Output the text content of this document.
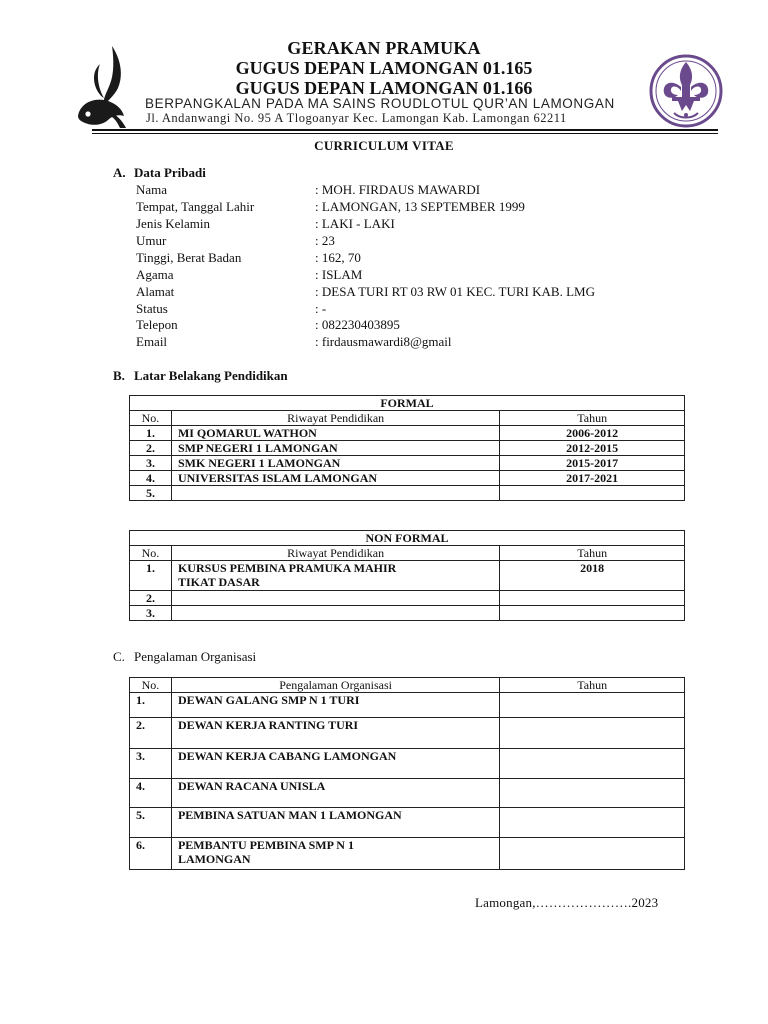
GERAKAN PRAMUKA
GUGUS DEPAN LAMONGAN 01.165
GUGUS DEPAN LAMONGAN 01.166
BERPANGKALAN PADA MA SAINS ROUDLOTUL QUR’AN LAMONGAN
Jl. Andanwangi No. 95 A Tlogoanyar Kec. Lamongan Kab. Lamongan 62211
CURRICULUM VITAE
A. Data Pribadi
Nama	: MOH. FIRDAUS MAWARDI
Tempat, Tanggal Lahir	: LAMONGAN, 13 SEPTEMBER 1999
Jenis Kelamin	: LAKI - LAKI
Umur	: 23
Tinggi, Berat Badan	: 162, 70
Agama	: ISLAM
Alamat	: DESA TURI RT 03 RW 01 KEC. TURI KAB. LMG
Status	: -
Telepon	: 082230403895
Email	: firdausmawardi8@gmail
B. Latar Belakang Pendidikan
FORMAL		
No.	Riwayat Pendidikan	Tahun
1.	MI QOMARUL WATHON	2006-2012
2.	SMP NEGERI 1 LAMONGAN	2012-2015
3.	SMK NEGERI 1 LAMONGAN	2015-2017
4.	UNIVERSITAS ISLAM LAMONGAN	2017-2021
5.		
NON FORMAL		
No.	Riwayat Pendidikan	Tahun
1.	KURSUS PEMBINA PRAMUKA MAHIR
TIKAT DASAR	2018
2.		
3.		
C. Pengalaman Organisasi
No.	Pengalaman Organisasi	Tahun
1.	DEWAN GALANG SMP N 1 TURI	

2.	DEWAN KERJA RANTING TURI	

3.	DEWAN KERJA CABANG LAMONGAN	

4.	DEWAN RACANA UNISLA	

5.	PEMBINA SATUAN MAN 1 LAMONGAN	

6.	PEMBANTU PEMBINA SMP N 1
LAMONGAN	

Lamongan,………………….2023
